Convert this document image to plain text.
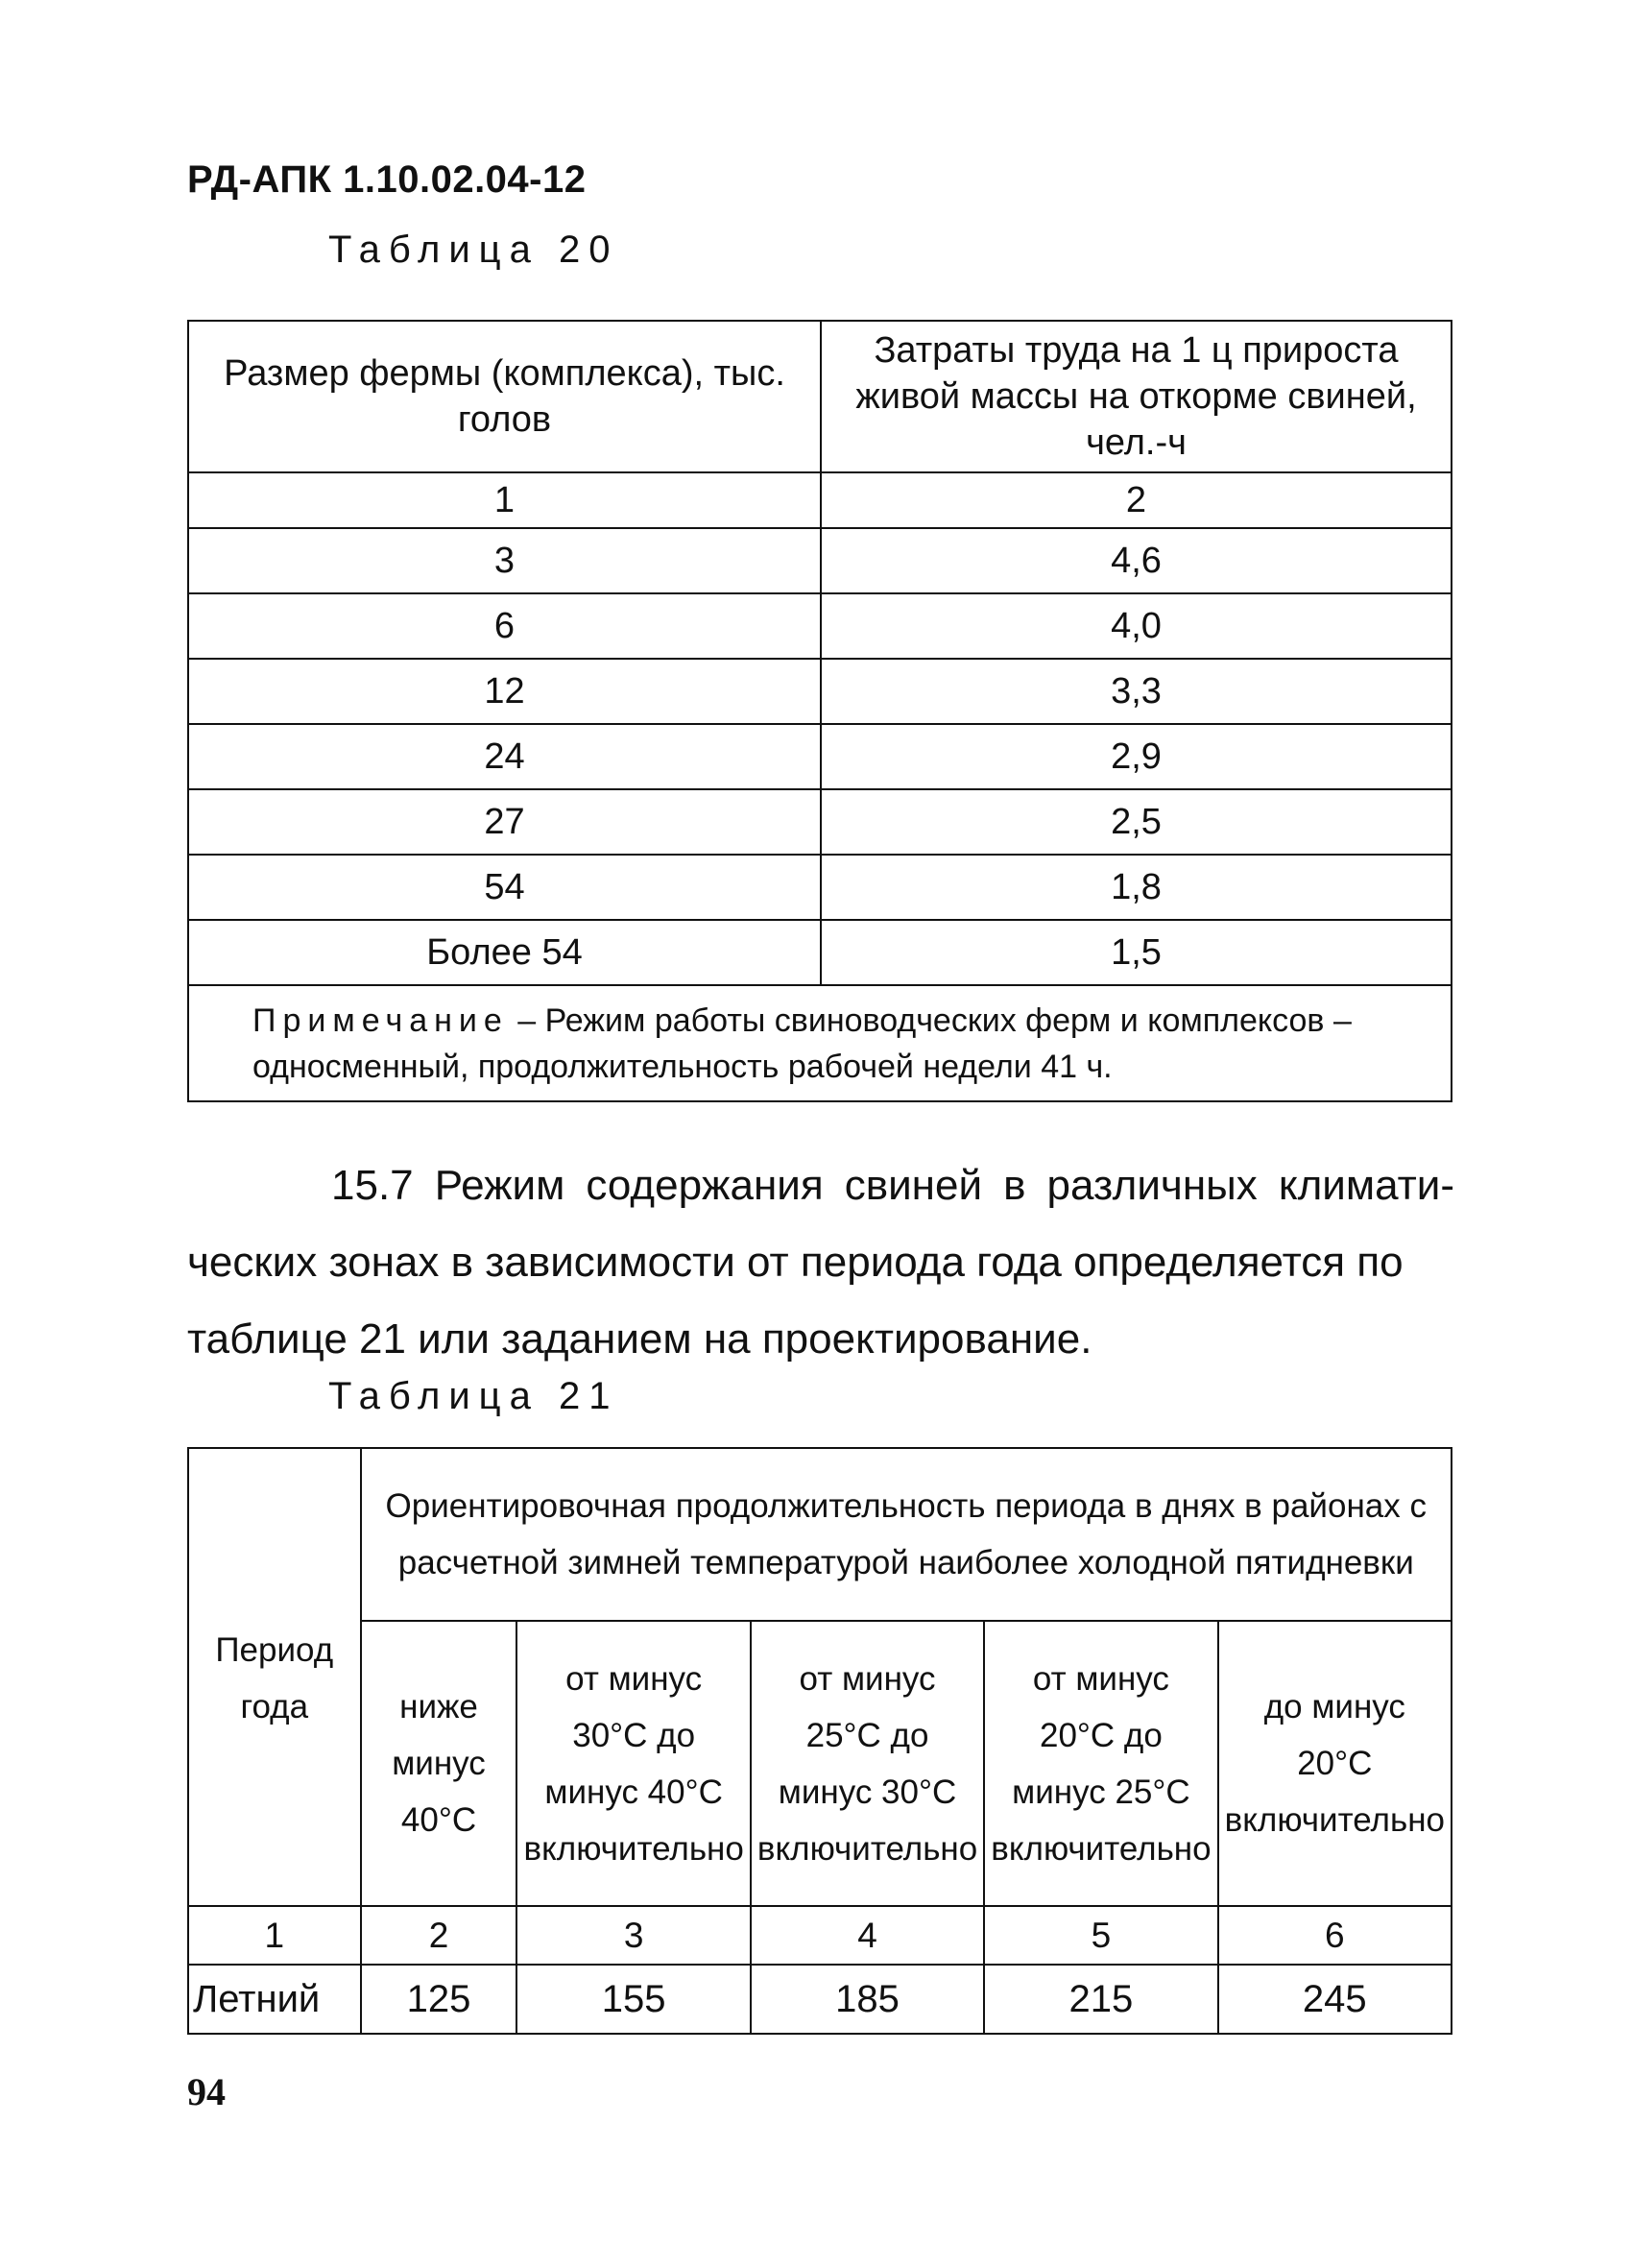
РД-АПК 1.10.02.04-12
Таблица 20
Размер фермы (комплекса), тыс. голов	Затраты труда на 1 ц прироста живой массы на откорме свиней, чел.-ч
1	2
3	4,6
6	4,0
12	3,3
24	2,9
27	2,5
54	1,8
Более 54	1,5
Примечание – Режим работы свиноводческих ферм и комплексов – односменный, продолжительность рабочей недели 41 ч.	
15.7 Режим содержания свиней в различных климати-
ческих зонах в зависимости от периода года определяется по
таблице 21 или заданием на проектирование.
Таблица 21
Период года	Ориентировочная продолжительность периода в днях в районах с расчетной зимней температурой наиболее холодной пятидневки				
	ниже минус 40°С	от минус 30°С до минус 40°С включительно	от минус 25°С до минус 30°С включительно	от минус 20°С до минус 25°С включительно	до минус 20°С включительно
1	2	3	4	5	6
Летний	125	155	185	215	245
94
